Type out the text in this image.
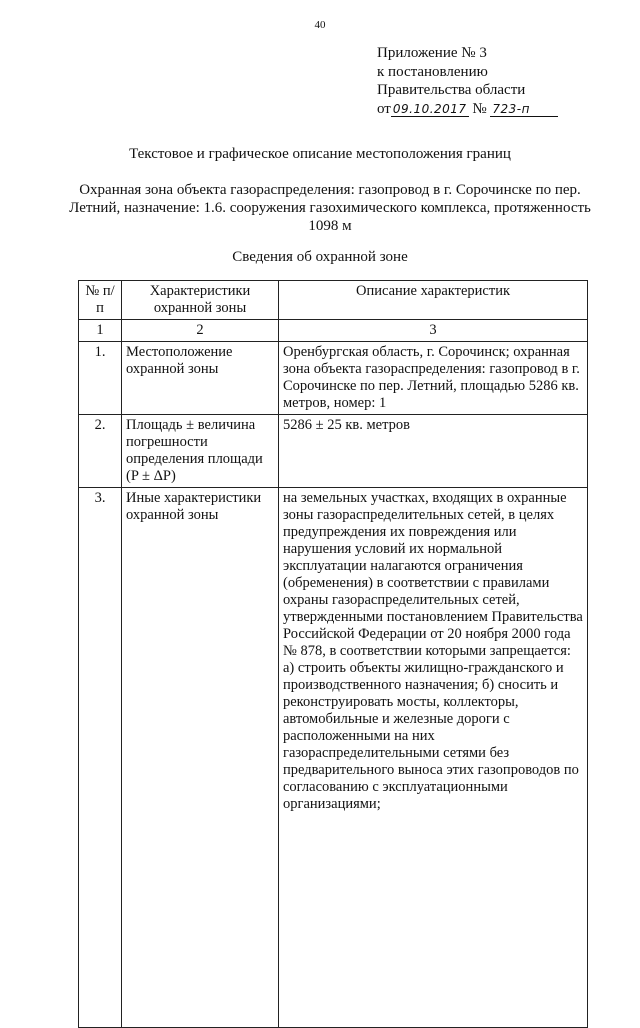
40
Приложение № 3
к постановлению
Правительства области
от 09.10.2017 № 723-п
Текстовое и графическое описание местоположения границ
Охранная зона объекта газораспределения: газопровод в г. Сорочинске по пер. Летний, назначение: 1.6. сооружения газохимического комплекса, протяженность 1098 м
Сведения об охранной зоне
№ п/п	Характеристики охранной зоны	Описание характеристик
1	2	3
1.	Местоположение охранной зоны	Оренбургская область, г. Сорочинск; охранная зона объекта газораспределения: газопровод в г. Сорочинске по пер. Летний, площадью 5286 кв. метров, номер: 1
2.	Площадь ± величина погрешности определения площади (P ± ΔP)	5286 ± 25 кв. метров
3.	Иные характеристики охранной зоны	на земельных участках, входящих в охранные зоны газораспределительных сетей, в целях предупреждения их повреждения или нарушения условий их нормальной эксплуатации налагаются ограничения (обременения) в соответствии с правилами охраны газораспределительных сетей, утвержденными постановлением Правительства Российской Федерации от 20 ноября 2000 года № 878, в соответствии которыми запрещается: а) строить объекты жилищно-гражданского и производственного назначения; б) сносить и реконструировать мосты, коллекторы, автомобильные и железные дороги с расположенными на них газораспределительными сетями без предварительного выноса этих газопроводов по согласованию с эксплуатационными организациями;
